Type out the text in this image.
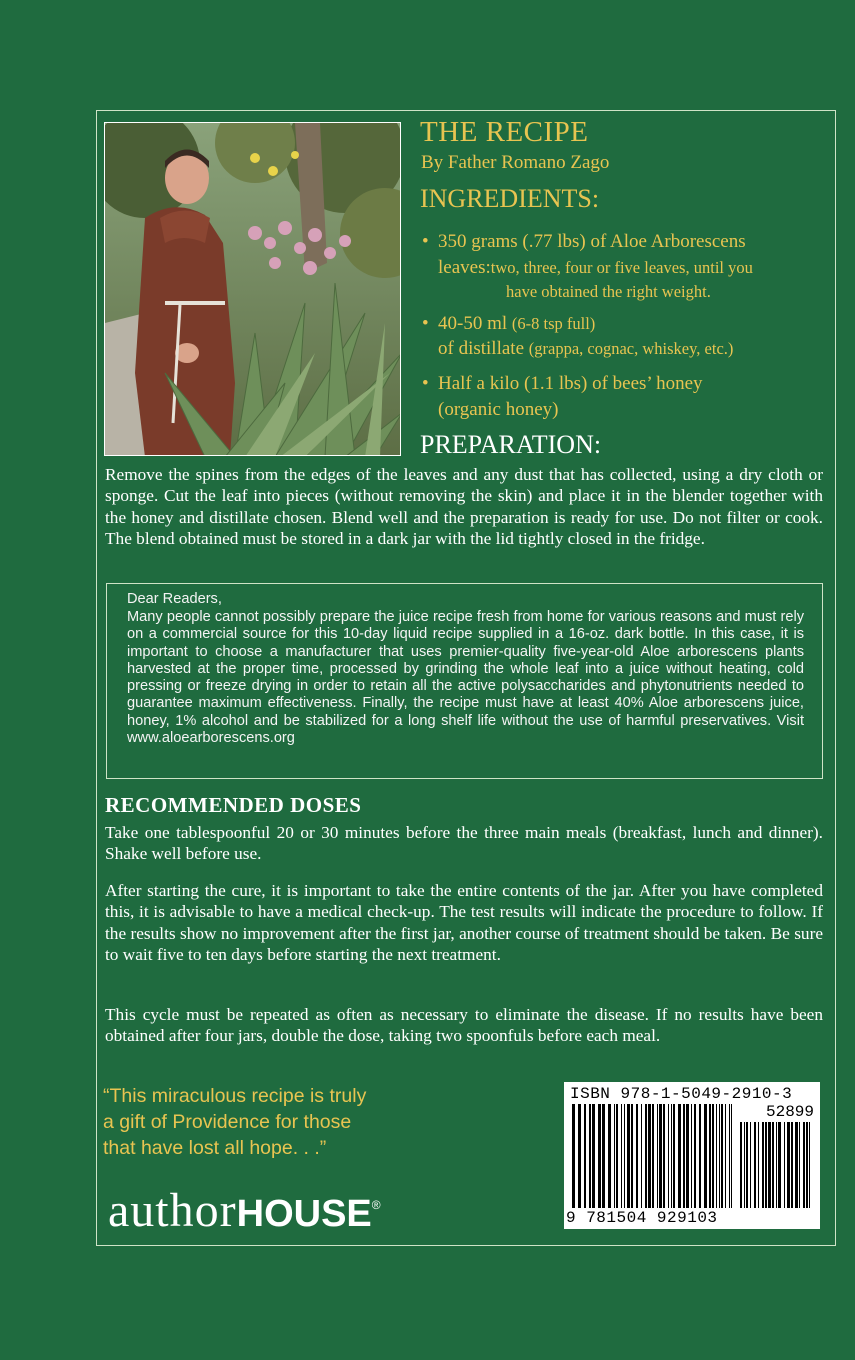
THE RECIPE
By Father Romano Zago
INGREDIENTS:
• 350 grams (.77 lbs) of Aloe Arborescens
leaves:two, three, four or five leaves, until you
have obtained the right weight.
• 40-50 ml (6-8 tsp full)
of distillate (grappa, cognac, whiskey, etc.)
• Half a kilo (1.1 lbs) of bees’ honey
(organic honey)
PREPARATION:
Remove the spines from the edges of the leaves and any dust that has collected, using a dry cloth or sponge. Cut the leaf into pieces (without removing the skin) and place it in the blender together with the honey and distillate chosen. Blend well and the preparation is ready for use. Do not filter or cook. The blend obtained must be stored in a dark jar with the lid tightly closed in the fridge.
Dear Readers,
Many people cannot possibly prepare the juice recipe fresh from home for various reasons and must rely on a commercial source for this 10-day liquid recipe supplied in a 16-oz. dark bottle. In this case, it is important to choose a manufacturer that uses premier-quality five-year-old Aloe arborescens plants harvested at the proper time, processed by grinding the whole leaf into a juice without heating, cold pressing or freeze drying in order to retain all the active polysaccharides and phytonutrients needed to guarantee maximum effectiveness. Finally, the recipe must have at least 40% Aloe arborescens juice, honey, 1% alcohol and be stabilized for a long shelf life without the use of harmful preservatives. Visit www.aloearborescens.org
RECOMMENDED DOSES
Take one tablespoonful 20 or 30 minutes before the three main meals (breakfast, lunch and dinner). Shake well before use.
After starting the cure, it is important to take the entire contents of the jar. After you have completed this, it is advisable to have a medical check-up. The test results will indicate the procedure to follow. If the results show no improvement after the first jar, another course of treatment should be taken. Be sure to wait five to ten days before starting the next treatment.
This cycle must be repeated as often as necessary to eliminate the disease. If no results have been obtained after four jars, double the dose, taking two spoonfuls before each meal.
“This miraculous recipe is truly
a gift of Providence for those
that have lost all hope. . .”
authorHOUSE®
ISBN 978-1-5049-2910-3
52899
9 781504 929103
